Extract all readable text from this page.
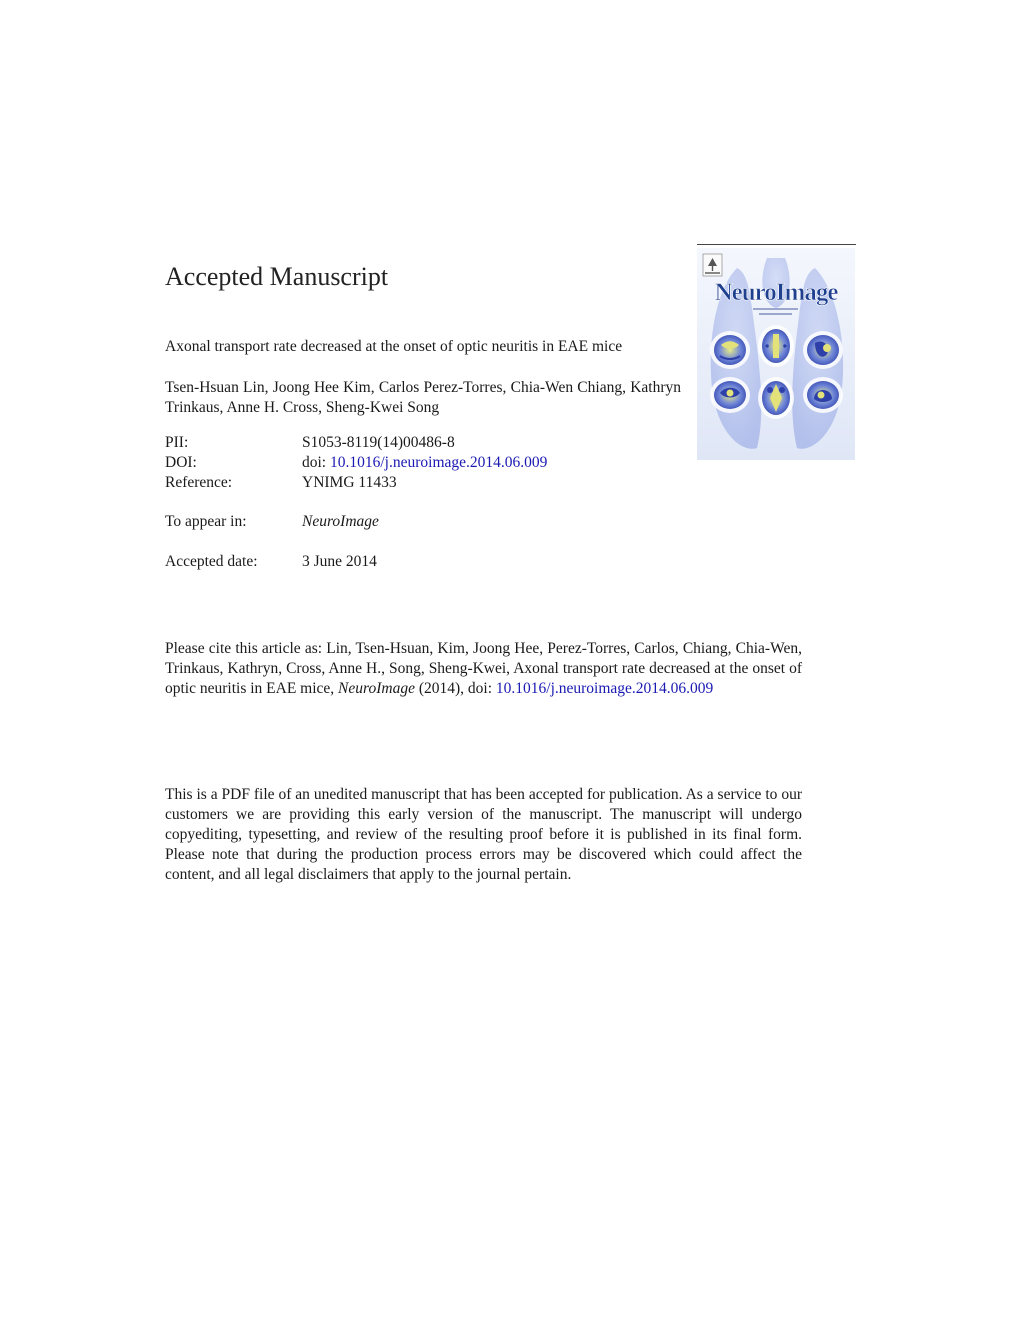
Accepted Manuscript
Axonal transport rate decreased at the onset of optic neuritis in EAE mice
Tsen-Hsuan Lin, Joong Hee Kim, Carlos Perez-Torres, Chia-Wen Chiang, Kathryn Trinkaus, Anne H. Cross, Sheng-Kwei Song
PII:	S1053-8119(14)00486-8
DOI:	doi: 10.1016/j.neuroimage.2014.06.009
Reference:	YNIMG 11433
To appear in:	NeuroImage
Accepted date:	3 June 2014
Please cite this article as: Lin, Tsen-Hsuan, Kim, Joong Hee, Perez-Torres, Carlos, Chiang, Chia-Wen, Trinkaus, Kathryn, Cross, Anne H., Song, Sheng-Kwei, Axonal transport rate decreased at the onset of optic neuritis in EAE mice, NeuroImage (2014), doi: 10.1016/j.neuroimage.2014.06.009
This is a PDF file of an unedited manuscript that has been accepted for publication. As a service to our customers we are providing this early version of the manuscript. The manuscript will undergo copyediting, typesetting, and review of the resulting proof before it is published in its final form. Please note that during the production process errors may be discovered which could affect the content, and all legal disclaimers that apply to the journal pertain.
NeuroImage
